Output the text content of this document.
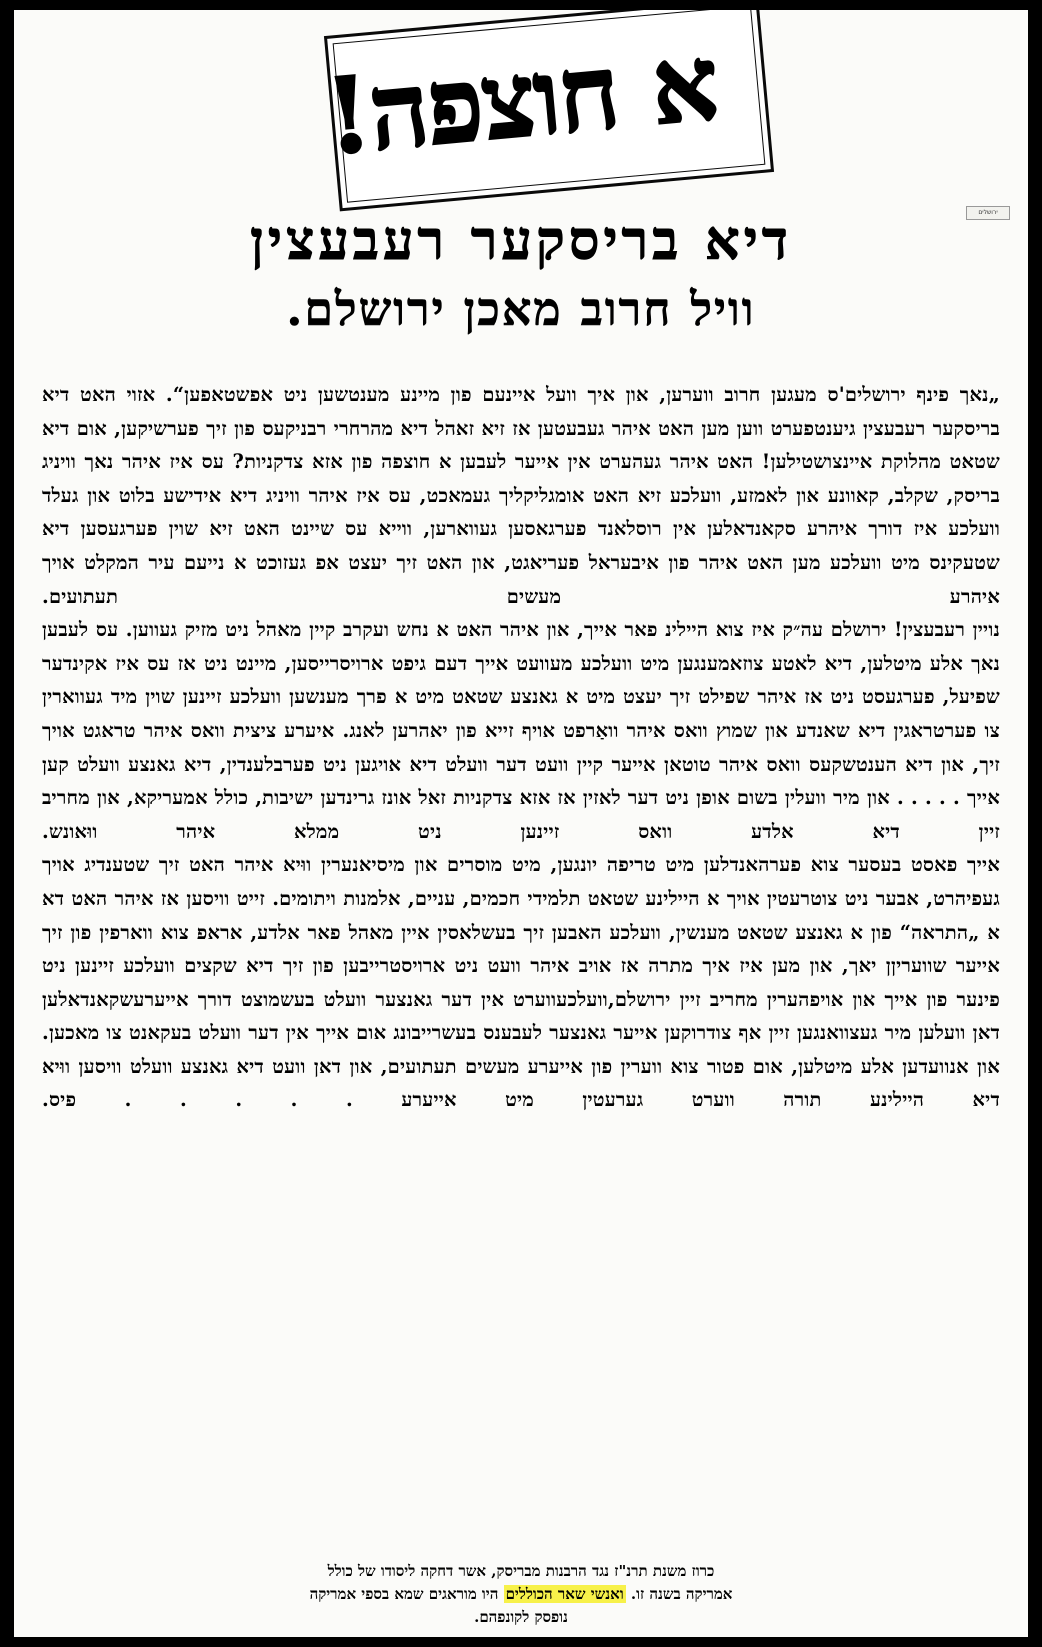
א חוצפה!
ירושלים
דיא בריסקער רעבעצין
וויל חרוב מאכן ירושלם.

„נאך פינף ירושלים'ס מעגען חרוב ווערען, און איך וועל איינעם פון מיינע מענטשען ניט אפשטאפען“. אזוי האט דיא בריסקער רעבעצין גיענטפערט ווען מען האט איהר געבעטען אז זיא זאהל דיא מהרחרי רבניקעס פון זיך פערשיקען, אום דיא שטאט מהלוקת איינצושטילען! האט איהר געהערט אין אייער לעבען א חוצפה פון אזא צדקניות? עס איז איהר נאך וויניג בריסק, שקלב, קאוונע און לאמזע, וועלכע זיא האט אומגליקליך געמאכט, עס איז איהר וויניג דיא אידישע בלוט און געלד וועלכע איז דורך איהרע סקאנדאלען אין רוסלאנד פערגאסען געווארען, ווייא עס שיינט האט זיא שוין פערגעסען דיא שטעקינס מיט וועלכע מען האט איהר פון איבעראל פעריאגט, און האט זיך יעצט אפ געזוכט א נייעם עיר המקלט אויך איהרע מעשים תעתועים.

נויין רעבעצין! ירושלם עה״ק איז צוא היילינ פאר אייך, און איהר האט א נחש ועקרב קיין מאהל ניט מזיק געווען. עס לעבען נאך אלע מיטלען, דיא לאטע צוזאמענגען מיט וועלכע מעוועט אייך דעם גיפט ארויסרייסען, מיינט ניט אז עס איז אקינדער שפיעל, פערגעסט ניט אז איהר שפילט זיך יעצט מיט א גאנצע שטאט מיט א פרך מענשען וועלכע זיינען שוין מיד געווארין צו פערטראגין דיא שאנדע און שמוץ וואס איהר וואַרפט אויף זייא פון יאהרען לאנג. איערע ציצית וואס איהר טראגט אויך זיך, און דיא הענטשקעס וואס איהר טוטאן אייער קיין וועט דער וועלט דיא אויגען ניט פערבלענדין, דיא גאנצע וועלט קען אייך . . . . . און מיר וועלין בשום אופן ניט דער לאזין אז אזא צדקניות זאל אונז גרינדען ישיבות, כולל אמעריקא, און מחריב זיין דיא אלדע וואס זיינען ניט ממלא איהר ווּאונש.

אייך פאסט בעסער צוא פערהאנדלען מיט טריפה יונגען, מיט מוסרים און מיסיאנערין ווּיא איהר האט זיך שטענדיג אויך געפיהרט, אבער ניט צוטרעטין אויך א היילינע שטאט תלמידי חכמים, עניים, אלמנות ויתומים. זייט וויסען אז איהר האט דא א „התראה“ פון א גאנצע שטאט מענשין, וועלכע האבען זיך בעשלאסין איין מאהל פאר אלדע, אראפ צוא ווארפין פון זיך אייער שוועריןן יאך, און מען איז איך מתרה אז אויב איהר וועט ניט ארויסטרייבען פון זיך דיא שקצים וועלכע זיינען ניט פינער פון אייך און אויפהערין מחריב זיין ירושלם,וועלכעווערט אין דער גאנצער וועלט בעשמוצט דורך אייערעשקאנדאלען דאן וועלען מיר געצוואנגען זיין אף צודרוקען אייער גאנצער לעבענס בעשרייבונג אום אייך אין דער וועלט בעקאנט צו מאכען. און אנוועדען אלע מיטלען, אום פטור צוא ווערין פון אייערע מעשים תעתועים, און דאן וועט דיא גאנצע וועלט וויסען ווּיא דיא היילינע תורה ווערט גערעטין מיט אייערע . . . . . פיס.

כרוז משנת תרנ"ז נגד הרבנות מבריסק, אשר דחקה ליסודו של כולל
אמריקה בשנה זו. ואנשי שאר הכוללים היו מוראגים שמא בספי אמריקה
נופסק לקונפהם.
